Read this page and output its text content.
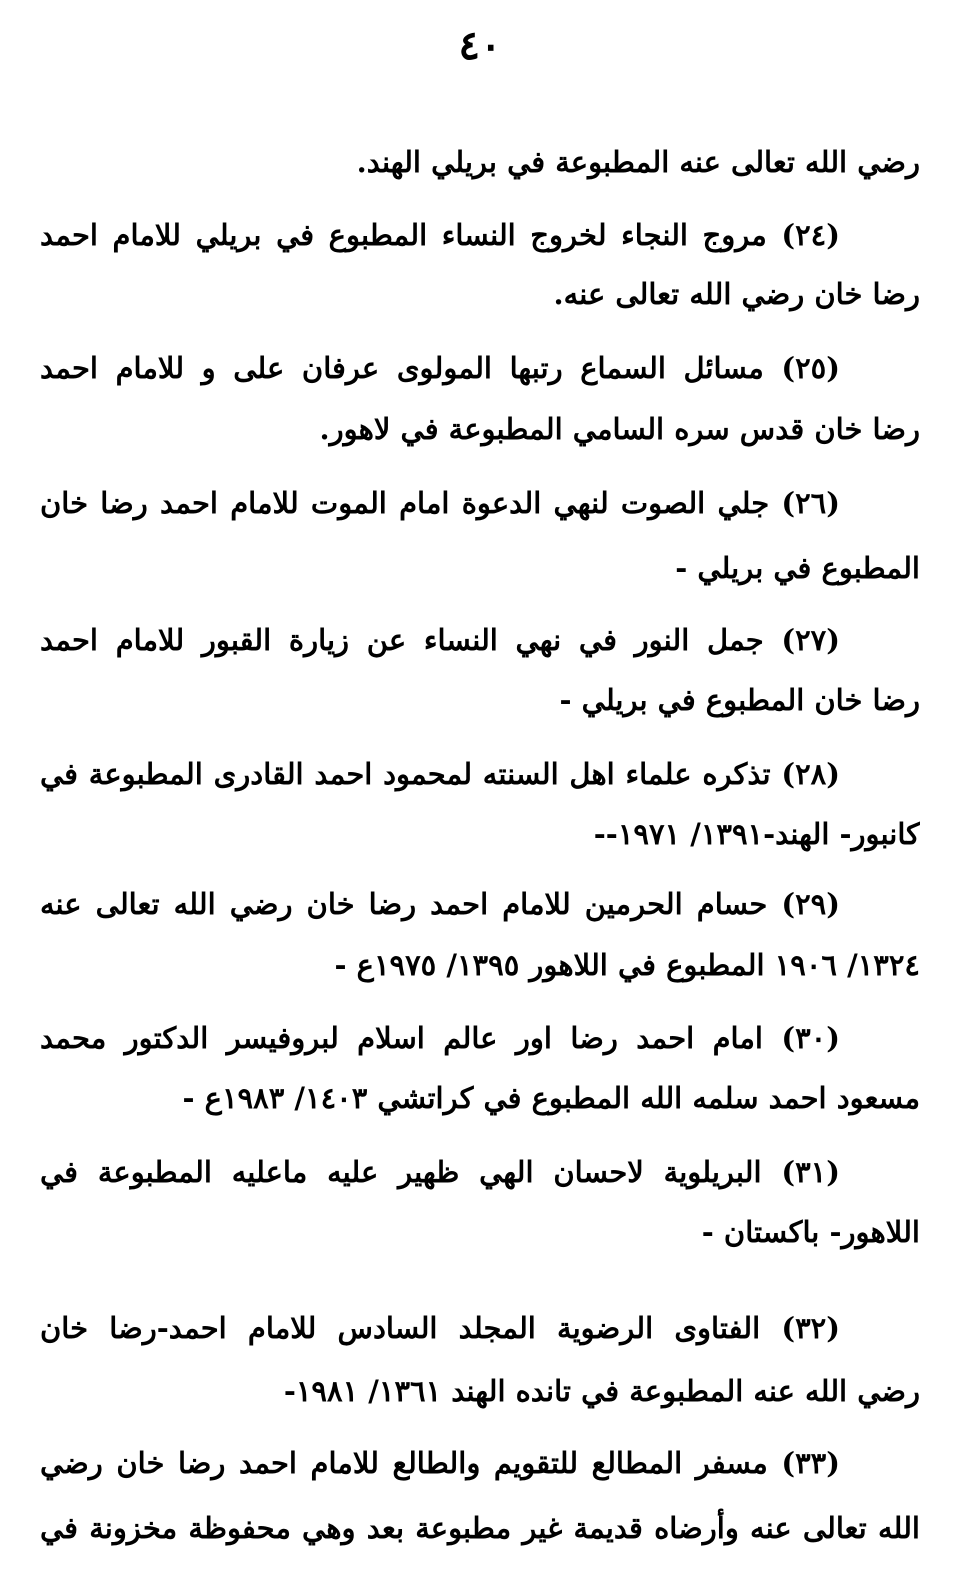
٤٠
رضي الله تعالى عنه المطبوعة في بريلي الهند.
(٢٤) مروج النجاء لخروج النساء المطبوع في بريلي للامام احمد
رضا خان رضي الله تعالى عنه.
(٢٥) مسائل السماع رتبها المولوى عرفان على و للامام احمد
رضا خان قدس سره السامي المطبوعة في لاهور.
(٢٦) جلي الصوت لنهي الدعوة امام الموت للامام احمد رضا خان
المطبوع في بريلي -
(٢٧) جمل النور في نهي النساء عن زيارة القبور للامام احمد
رضا خان المطبوع في بريلي -
(٢٨) تذكره علماء اهل السنته لمحمود احمد القادرى المطبوعة في
كانبور- الهند-١٣٩١/ ١٩٧١--
(٢٩) حسام الحرمين للامام احمد رضا خان رضي الله تعالى عنه
١٣٢٤/ ١٩٠٦ المطبوع في اللاهور ١٣٩٥/ ١٩٧٥ع -
(٣٠) امام احمد رضا اور عالم اسلام لبروفيسر الدكتور محمد
مسعود احمد سلمه الله المطبوع في كراتشي ١٤٠٣/ ١٩٨٣ع -
(٣١) البريلوية لاحسان الهي ظهير عليه ماعليه المطبوعة في
اللاهور- باكستان -
(٣٢) الفتاوى الرضوية المجلد السادس للامام احمد-رضا خان
رضي الله عنه المطبوعة في تانده الهند ١٣٦١/ ١٩٨١-
(٣٣) مسفر المطالع للتقويم والطالع للامام احمد رضا خان رضي
الله تعالى عنه وأرضاه قديمة غير مطبوعة بعد وهي محفوظة مخزونة في
